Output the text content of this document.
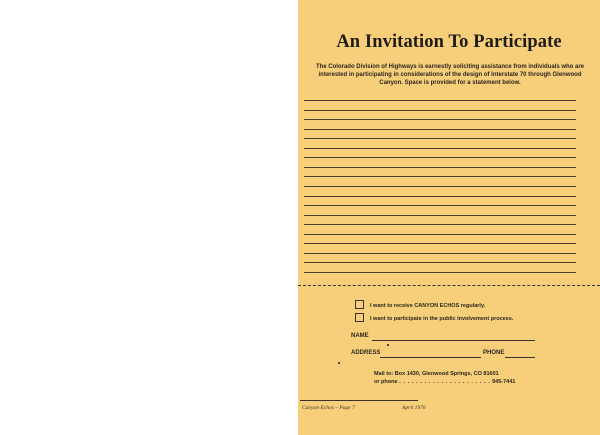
An Invitation To Participate
The Colorado Division of Highways is earnestly soliciting assistance from individuals who are interested in participating in considerations of the design of Interstate 70 through Glenwood Canyon. Space is provided for a statement below.
I want to receive CANYON ECHOS regularly.
I want to participate in the public involvement process.
NAME
ADDRESS	PHONE
Mail to: Box 1430, Glenwood Springs, CO 81601
or phone . . . . . . . . . . . . . . . . . . . . . . 945-7441
Canyon Echos – Page 7	April 1976
